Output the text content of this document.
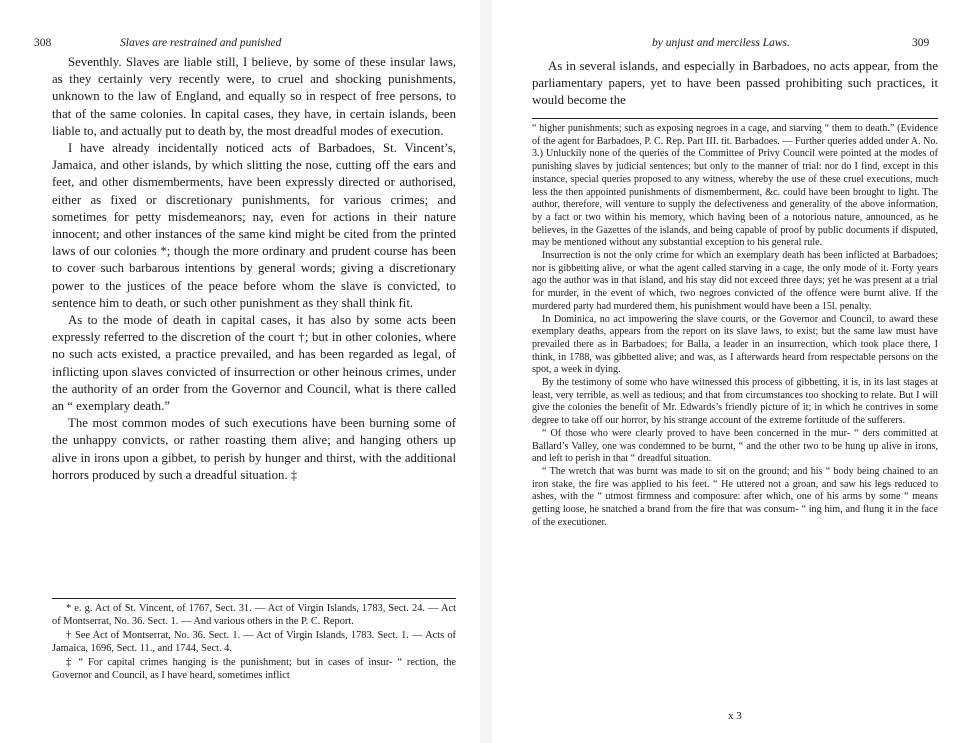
308	Slaves are restrained and punished

Seventhly. Slaves are liable still, I believe, by some of these insular laws, as they certainly very recently were, to cruel and shocking punishments, unknown to the law of England, and equally so in respect of free persons, to that of the same colonies. In capital cases, they have, in certain islands, been liable to, and actually put to death by, the most dreadful modes of execution.

I have already incidentally noticed acts of Barbadoes, St. Vincent’s, Jamaica, and other islands, by which slitting the nose, cutting off the ears and feet, and other dismemberments, have been expressly directed or authorised, either as fixed or discretionary punishments, for various crimes; and sometimes for petty misdemeanors; nay, even for actions in their nature innocent; and other instances of the same kind might be cited from the printed laws of our colonies *; though the more ordinary and prudent course has been to cover such barbarous intentions by general words; giving a discretionary power to the justices of the peace before whom the slave is convicted, to sentence him to death, or such other punishment as they shall think fit.

As to the mode of death in capital cases, it has also by some acts been expressly referred to the discretion of the court †; but in other colonies, where no such acts existed, a practice prevailed, and has been regarded as legal, of inflicting upon slaves convicted of insurrection or other heinous crimes, under the authority of an order from the Governor and Council, what is there called an “ exemplary death.”

The most common modes of such executions have been burning some of the unhappy convicts, or rather roasting them alive; and hanging others up alive in irons upon a gibbet, to perish by hunger and thirst, with the additional horrors produced by such a dreadful situation. ‡

* e. g. Act of St. Vincent, of 1767, Sect. 31. — Act of Virgin Islands, 1783, Sect. 24. — Act of Montserrat, No. 36. Sect. 1. — And various others in the P. C. Report.

† See Act of Montserrat, No. 36. Sect. 1. — Act of Virgin Islands, 1783. Sect. 1. — Acts of Jamaica, 1696, Sect. 11., and 1744, Sect. 4.

‡ “ For capital crimes hanging is the punishment; but in cases of insur- “ rection, the Governor and Council, as I have heard, sometimes inflict

by unjust and merciless Laws.	309

As in several islands, and especially in Barbadoes, no acts appear, from the parliamentary papers, yet to have been passed prohibiting such practices, it would become the

“ higher punishments; such as exposing negroes in a cage, and starving “ them to death.” (Evidence of the agent for Barbadoes, P. C. Rep. Part III. tit. Barbadoes. — Further queries added under A. No. 3.) Unluckily none of the queries of the Committee of Privy Council were pointed at the modes of punishing slaves by judicial sentences; but only to the manner of trial: nor do I find, except in this instance, special queries proposed to any witness, whereby the use of these cruel executions, much less the then appointed punishments of dismemberment, &c. could have been brought to light. The author, therefore, will venture to supply the defectiveness and generality of the above information, by a fact or two within his memory, which having been of a notorious nature, announced, as he believes, in the Gazettes of the islands, and being capable of proof by public documents if disputed, may be mentioned without any substantial exception to his general rule.

Insurrection is not the only crime for which an exemplary death has been inflicted at Barbadoes; nor is gibbetting alive, or what the agent called starving in a cage, the only mode of it. Forty years ago the author was in that island, and his stay did not exceed three days; yet he was present at a trial for murder, in the event of which, two negroes convicted of the offence were burnt alive. If the murdered party had murdered them, his punishment would have been a 15l. penalty.

In Dominica, no act impowering the slave courts, or the Governor and Council, to award these exemplary deaths, appears from the report on its slave laws, to exist; but the same law must have prevailed there as in Barbadoes; for Balla, a leader in an insurrection, which took place there, I think, in 1788, was gibbetted alive; and was, as I afterwards heard from respectable persons on the spot, a week in dying.

By the testimony of some who have witnessed this process of gibbetting, it is, in its last stages at least, very terrible, as well as tedious; and that from circumstances too shocking to relate. But I will give the colonies the benefit of Mr. Edwards’s friendly picture of it; in which he contrives in some degree to take off our horror, by his strange account of the extreme fortitude of the sufferers.

“ Of those who were clearly proved to have been concerned in the mur- “ ders committed at Ballard’s Valley, one was condemned to be burnt, “ and the other two to be hung up alive in irons, and left to perish in that “ dreadful situation.

“ The wretch that was burnt was made to sit on the ground; and his “ body being chained to an iron stake, the fire was applied to his feet. “ He uttered not a groan, and saw his legs reduced to ashes, with the “ utmost firmness and composure: after which, one of his arms by some “ means getting loose, he snatched a brand from the fire that was consum- “ ing him, and flung it in the face of the executioner.

x 3
